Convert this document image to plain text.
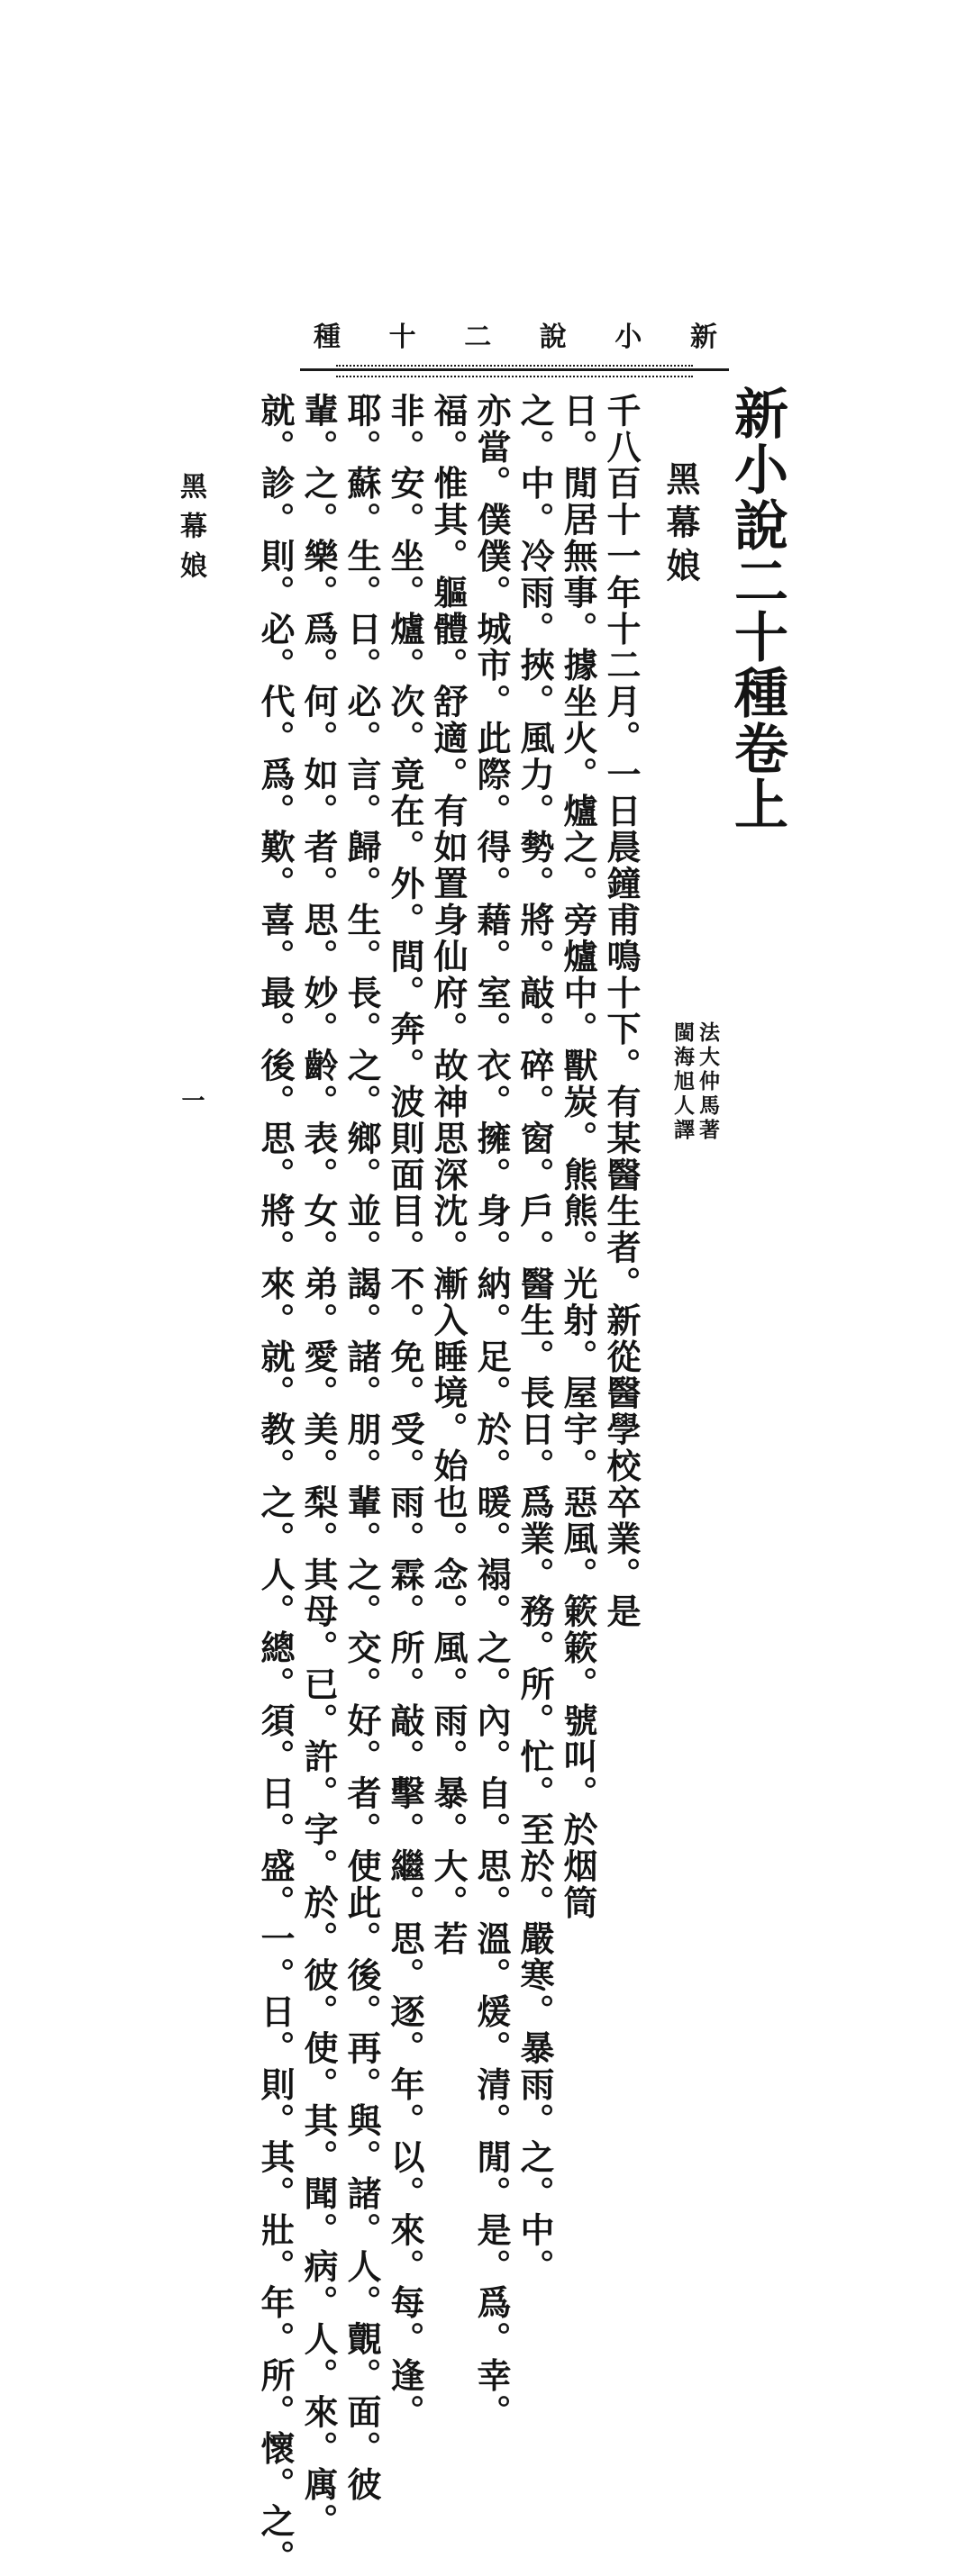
新
小
說
二
十
種
新小說二十種卷上
黑幕娘
法大仲馬著
閩海旭人譯
千八百十一年十二月。一日晨鐘甫鳴十下。有某醫生者。新從醫學校卒業。是
日。閒居無事。據坐火。爐之。旁爐中。獸炭。熊熊。光射。屋宇。惡風。簌簌。號叫。於烟筒
之。中。冷雨。挾。風力。勢。將。敲。碎。窗。戶。醫生。長日。爲業。務。所。忙。至於。嚴寒。暴雨。之。中。
亦當。僕僕。城市。此際。得。藉。室。衣。擁。身。納。足。於。暖。禢。之。內。自。思。溫。煖。清。閒。是。爲。幸。
福。惟其。軀體。舒適。有如置身仙府。故神思深沈。漸入睡境。始也。念。風。雨。暴。大。若
非。安。坐。爐。次。竟在。外。間。奔。波則面目。不。免。受。雨。霖。所。敲。擊。繼。思。逐。年。以。來。每。逢。
耶。蘇。生。日。必。言。歸。生。長。之。鄉。並。謁。諸。朋。輩。之。交。好。者。使此。後。再。與。諸。人。覿。面。彼
輩。之。樂。爲。何。如。者。思。妙。齡。表。女。弟。愛。美。梨。其母。已。許。字。於。彼。使。其。聞。病。人。來。庽。
就。診。則。必。代。爲。歎。喜。最。後。思。將。來。就。教。之。人。總。須。日。盛。一。日。則。其。壯。年。所。懷。之。
黑幕娘
一
